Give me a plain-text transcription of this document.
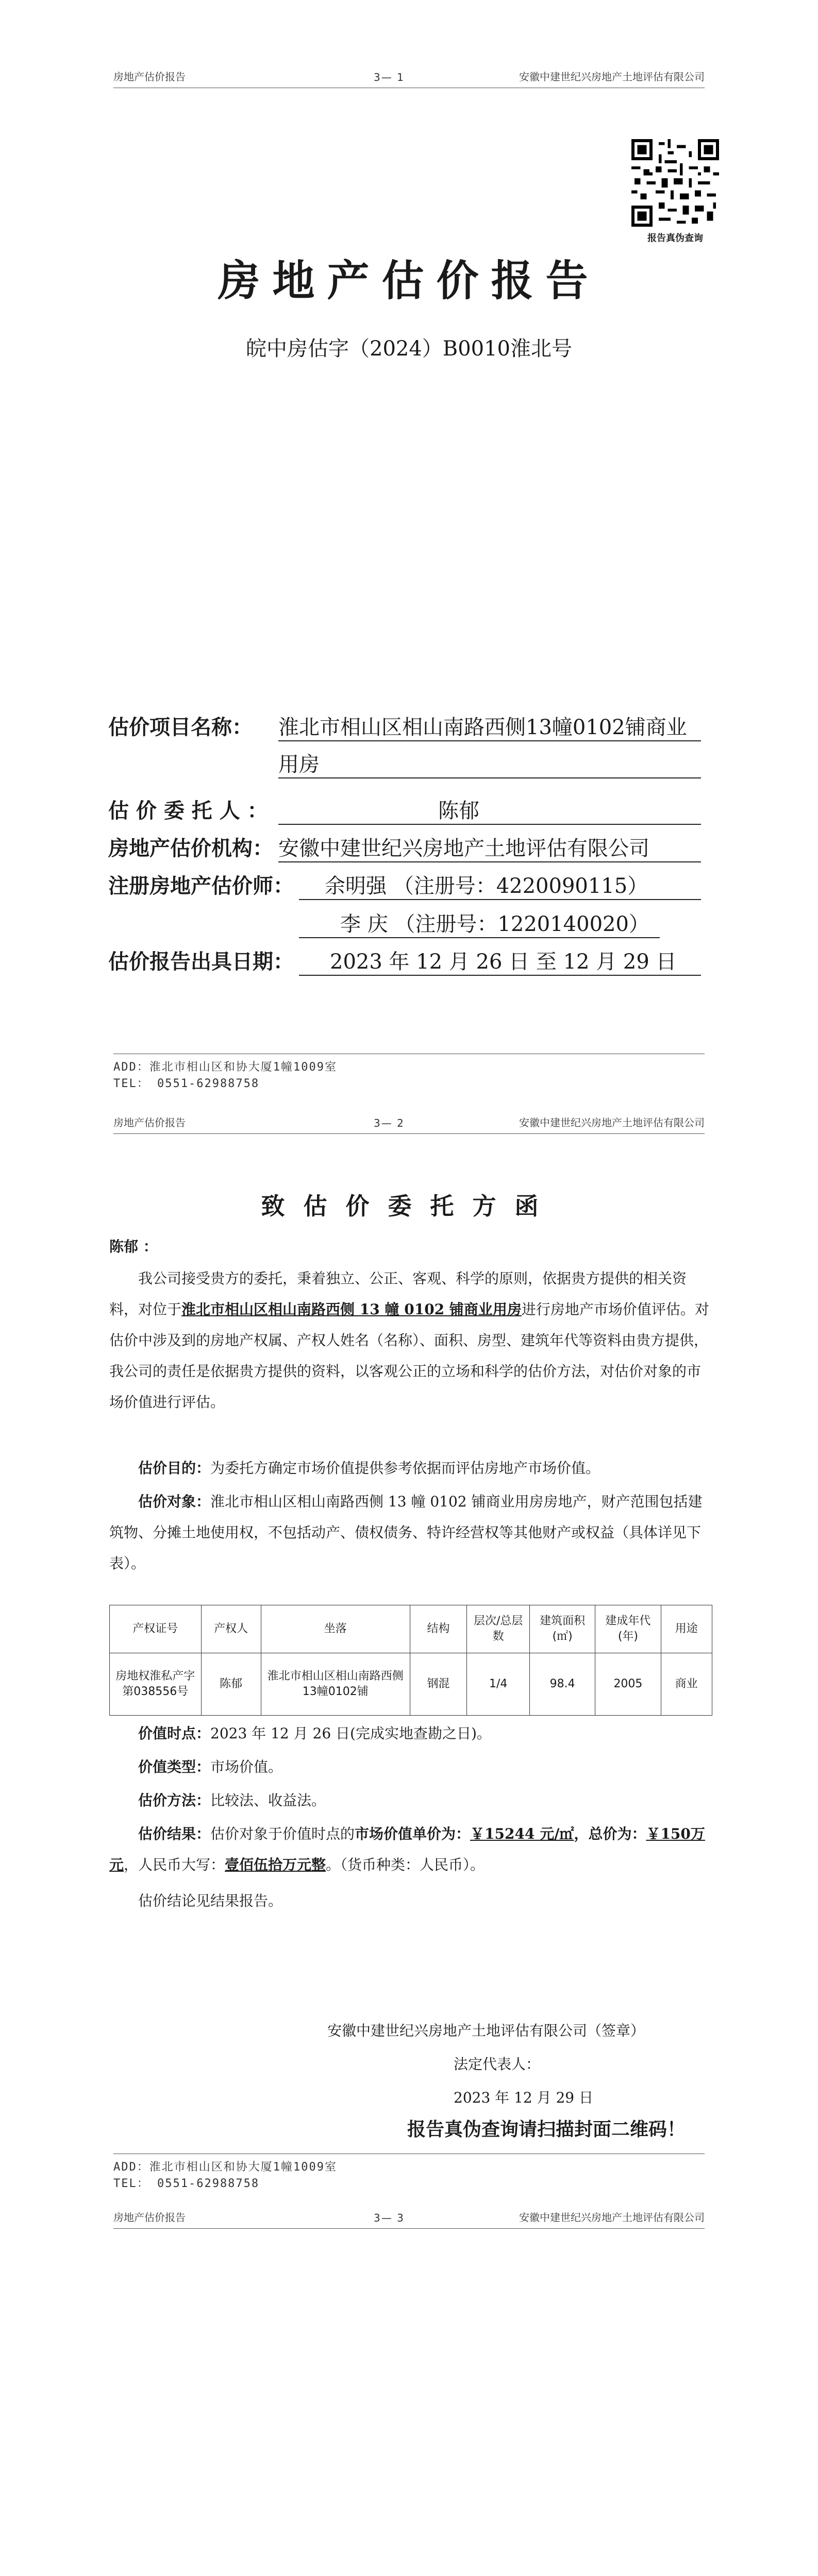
房地产估价报告	3— 1	安徽中建世纪兴房地产土地评估有限公司
报告真伪查询
房地产估价报告
皖中房估字（2024）B0010淮北号
估价项目名称： 淮北市相山区相山南路西侧13幢0102铺商业
用房
估 价 委 托 人 ：	陈郁
房地产估价机构： 安徽中建世纪兴房地产土地评估有限公司
注册房地产估价师：	余明强 （注册号：4220090115）
李 庆 （注册号：1220140020）
估价报告出具日期：	2023 年 12 月 26 日 至 12 月 29 日
ADD：淮北市相山区和协大厦1幢1009室
TEL： 0551-62988758
房地产估价报告	3— 2	安徽中建世纪兴房地产土地评估有限公司
致估价委托方函
陈郁 ：
我公司接受贵方的委托，秉着独立、公正、客观、科学的原则，依据贵方提供的相关资料，对位于淮北市相山区相山南路西侧 13 幢 0102 铺商业用房进行房地产市场价值评估。对估价中涉及到的房地产权属、产权人姓名（名称）、面积、房型、建筑年代等资料由贵方提供，我公司的责任是依据贵方提供的资料，以客观公正的立场和科学的估价方法，对估价对象的市场价值进行评估。
估价目的：为委托方确定市场价值提供参考依据而评估房地产市场价值。
估价对象：淮北市相山区相山南路西侧 13 幢 0102 铺商业用房房地产，财产范围包括建筑物、分摊土地使用权，不包括动产、债权债务、特许经营权等其他财产或权益（具体详见下表）。
产权证号	产权人	坐落	结构	层次/总层数	建筑面积(㎡)	建成年代(年)	用途
房地权淮私产字第038556号	陈郁	淮北市相山区相山南路西侧13幢0102铺	钢混	1/4	98.4	2005	商业
价值时点：2023 年 12 月 26 日(完成实地查勘之日)。
价值类型：市场价值。
估价方法：比较法、收益法。
估价结果：估价对象于价值时点的市场价值单价为：￥15244 元/㎡，总价为：￥150万元，人民币大写：壹佰伍拾万元整。（货币种类：人民币）。
估价结论见结果报告。
安徽中建世纪兴房地产土地评估有限公司（签章）
法定代表人：
2023 年 12 月 29 日
报告真伪查询请扫描封面二维码！
ADD：淮北市相山区和协大厦1幢1009室
TEL： 0551-62988758
房地产估价报告	3— 3	安徽中建世纪兴房地产土地评估有限公司
